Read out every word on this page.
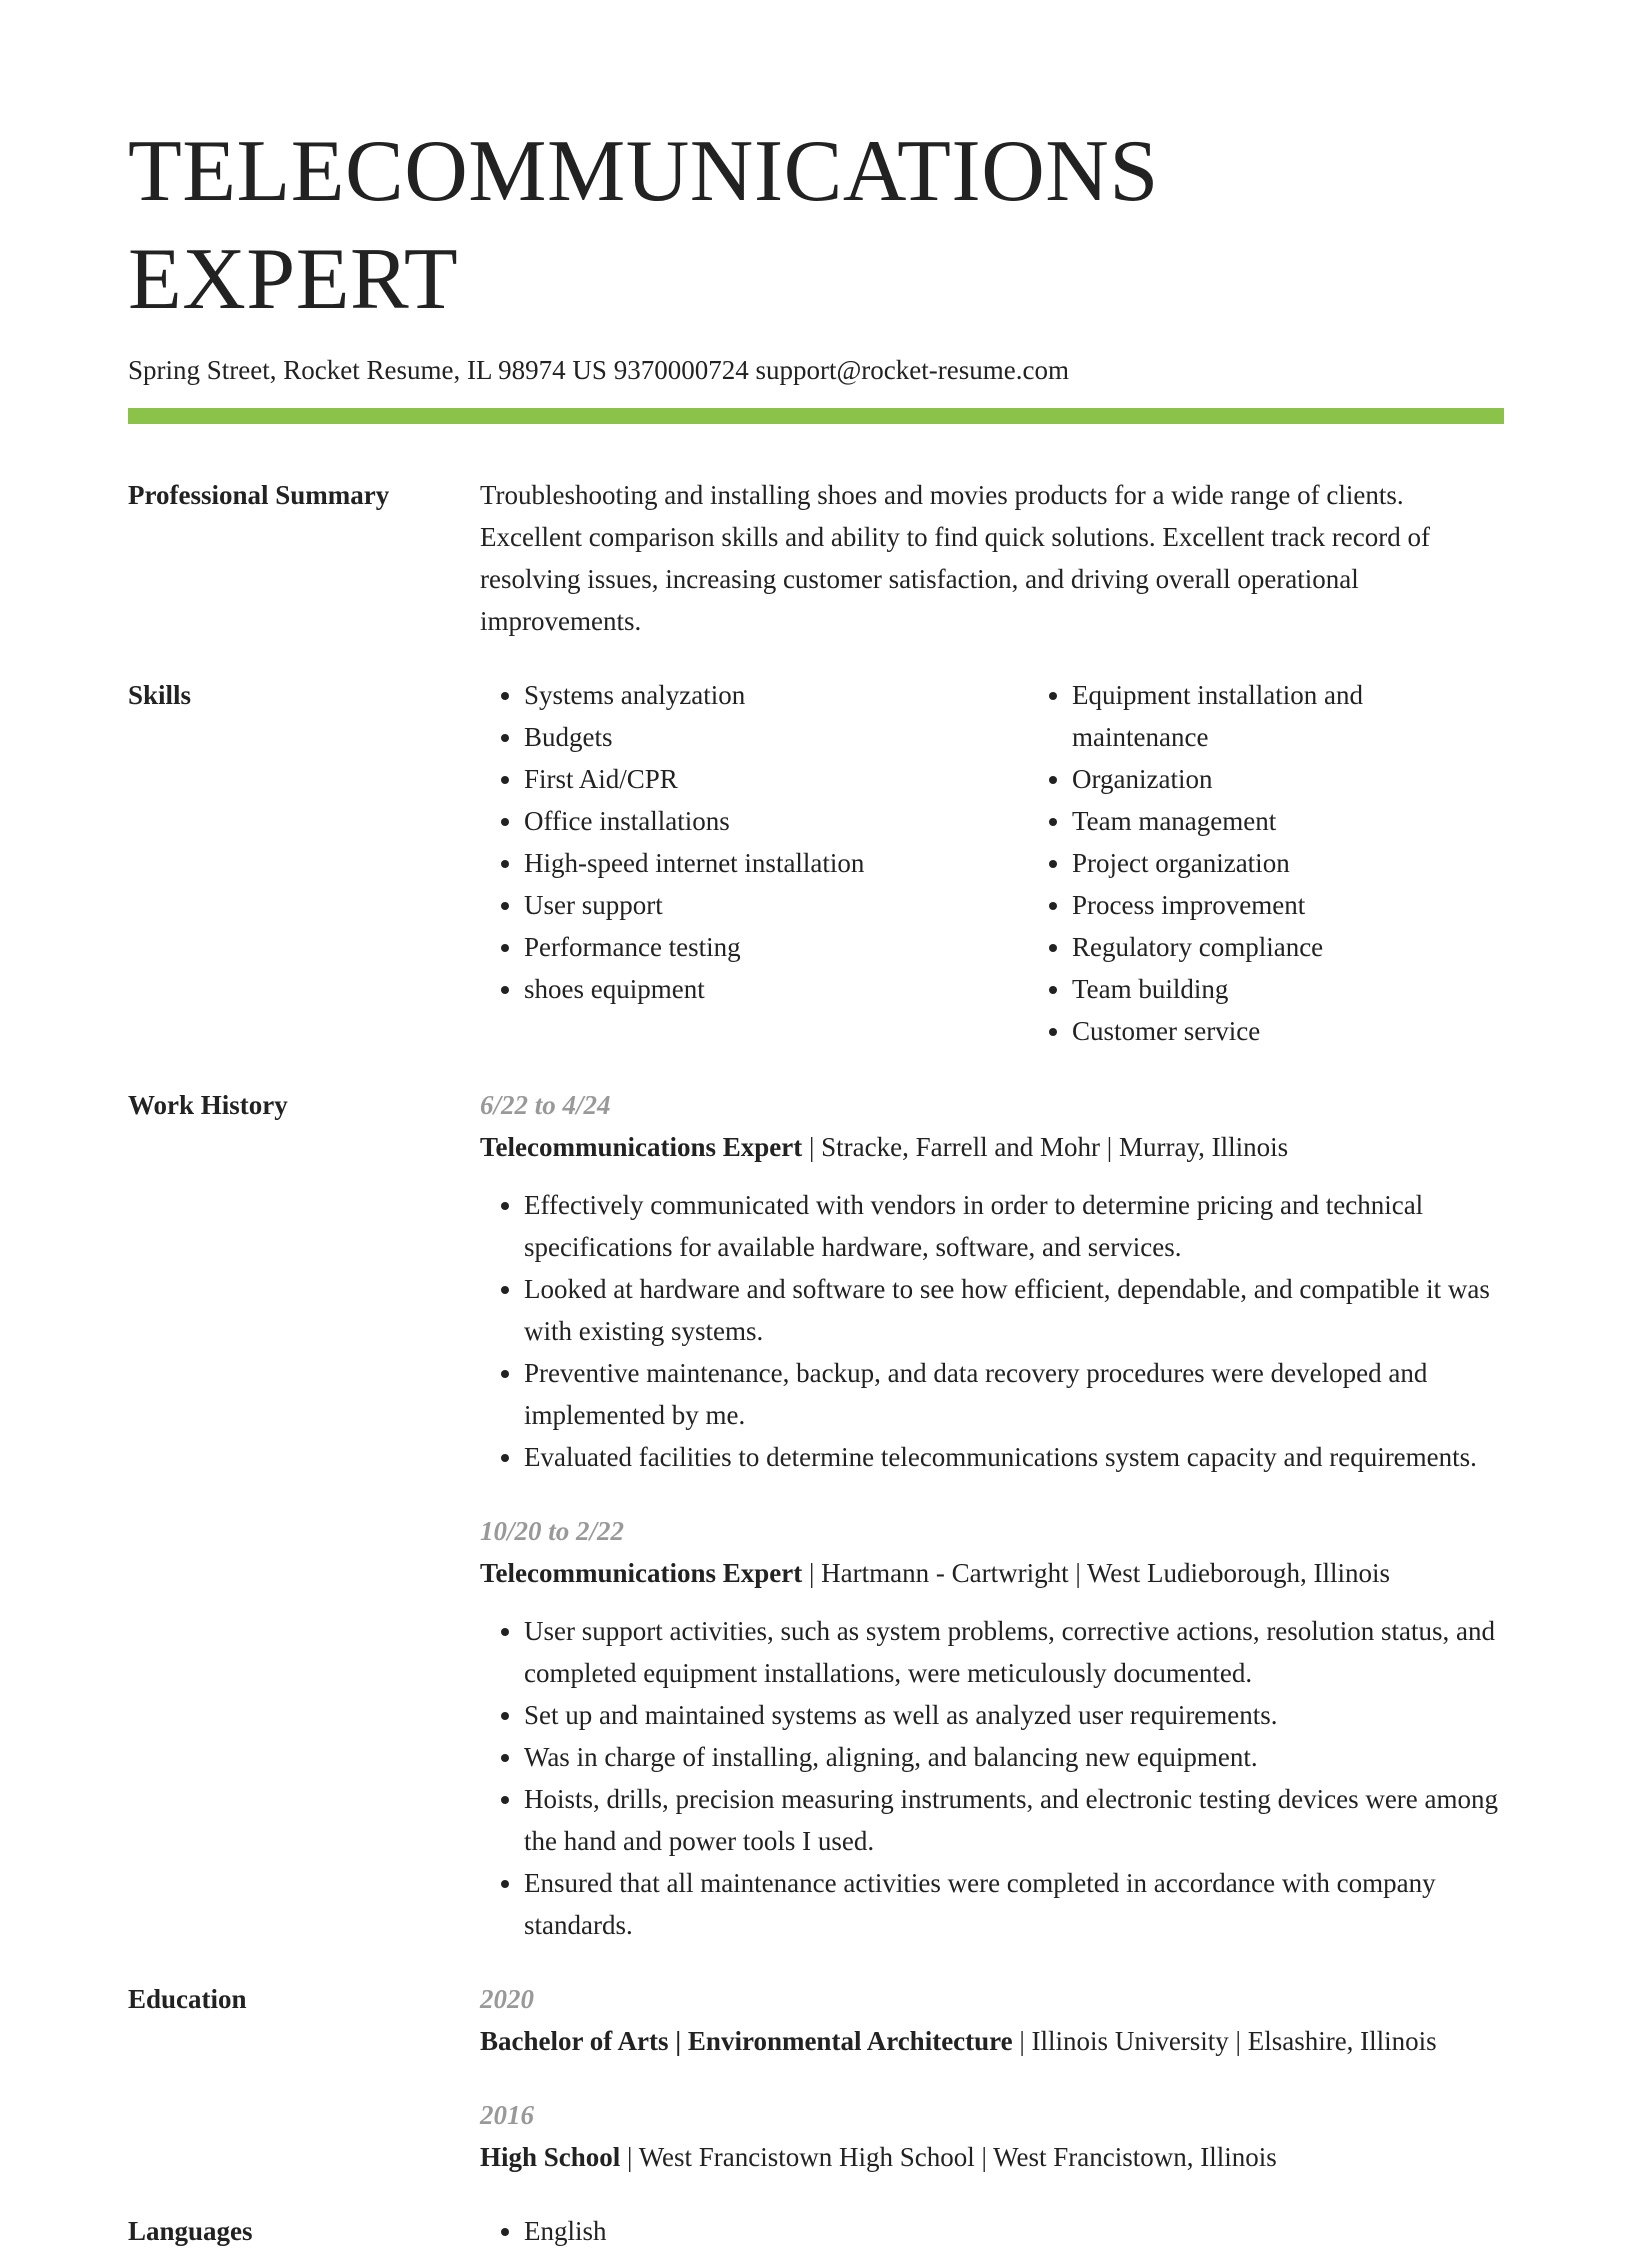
TELECOMMUNICATIONS EXPERT
Spring Street, Rocket Resume, IL 98974 US 9370000724 support@rocket-resume.com
Professional Summary	Troubleshooting and installing shoes and movies products for a wide range of clients. Excellent comparison skills and ability to find quick solutions. Excellent track record of resolving issues, increasing customer satisfaction, and driving overall operational improvements.
Skills	• Systems analyzation
• Budgets
• First Aid/CPR
• Office installations
• High-speed internet installation
• User support
• Performance testing
• shoes equipment
• Equipment installation and maintenance
• Organization
• Team management
• Project organization
• Process improvement
• Regulatory compliance
• Team building
• Customer service
Work History	6/22 to 4/24
Telecommunications Expert | Stracke, Farrell and Mohr | Murray, Illinois
• Effectively communicated with vendors in order to determine pricing and technical specifications for available hardware, software, and services.
• Looked at hardware and software to see how efficient, dependable, and compatible it was with existing systems.
• Preventive maintenance, backup, and data recovery procedures were developed and implemented by me.
• Evaluated facilities to determine telecommunications system capacity and requirements.
10/20 to 2/22
Telecommunications Expert | Hartmann - Cartwright | West Ludieborough, Illinois
• User support activities, such as system problems, corrective actions, resolution status, and completed equipment installations, were meticulously documented.
• Set up and maintained systems as well as analyzed user requirements.
• Was in charge of installing, aligning, and balancing new equipment.
• Hoists, drills, precision measuring instruments, and electronic testing devices were among the hand and power tools I used.
• Ensured that all maintenance activities were completed in accordance with company standards.
Education	2020
Bachelor of Arts | Environmental Architecture | Illinois University | Elsashire, Illinois
2016
High School | West Francistown High School | West Francistown, Illinois
Languages	• English
